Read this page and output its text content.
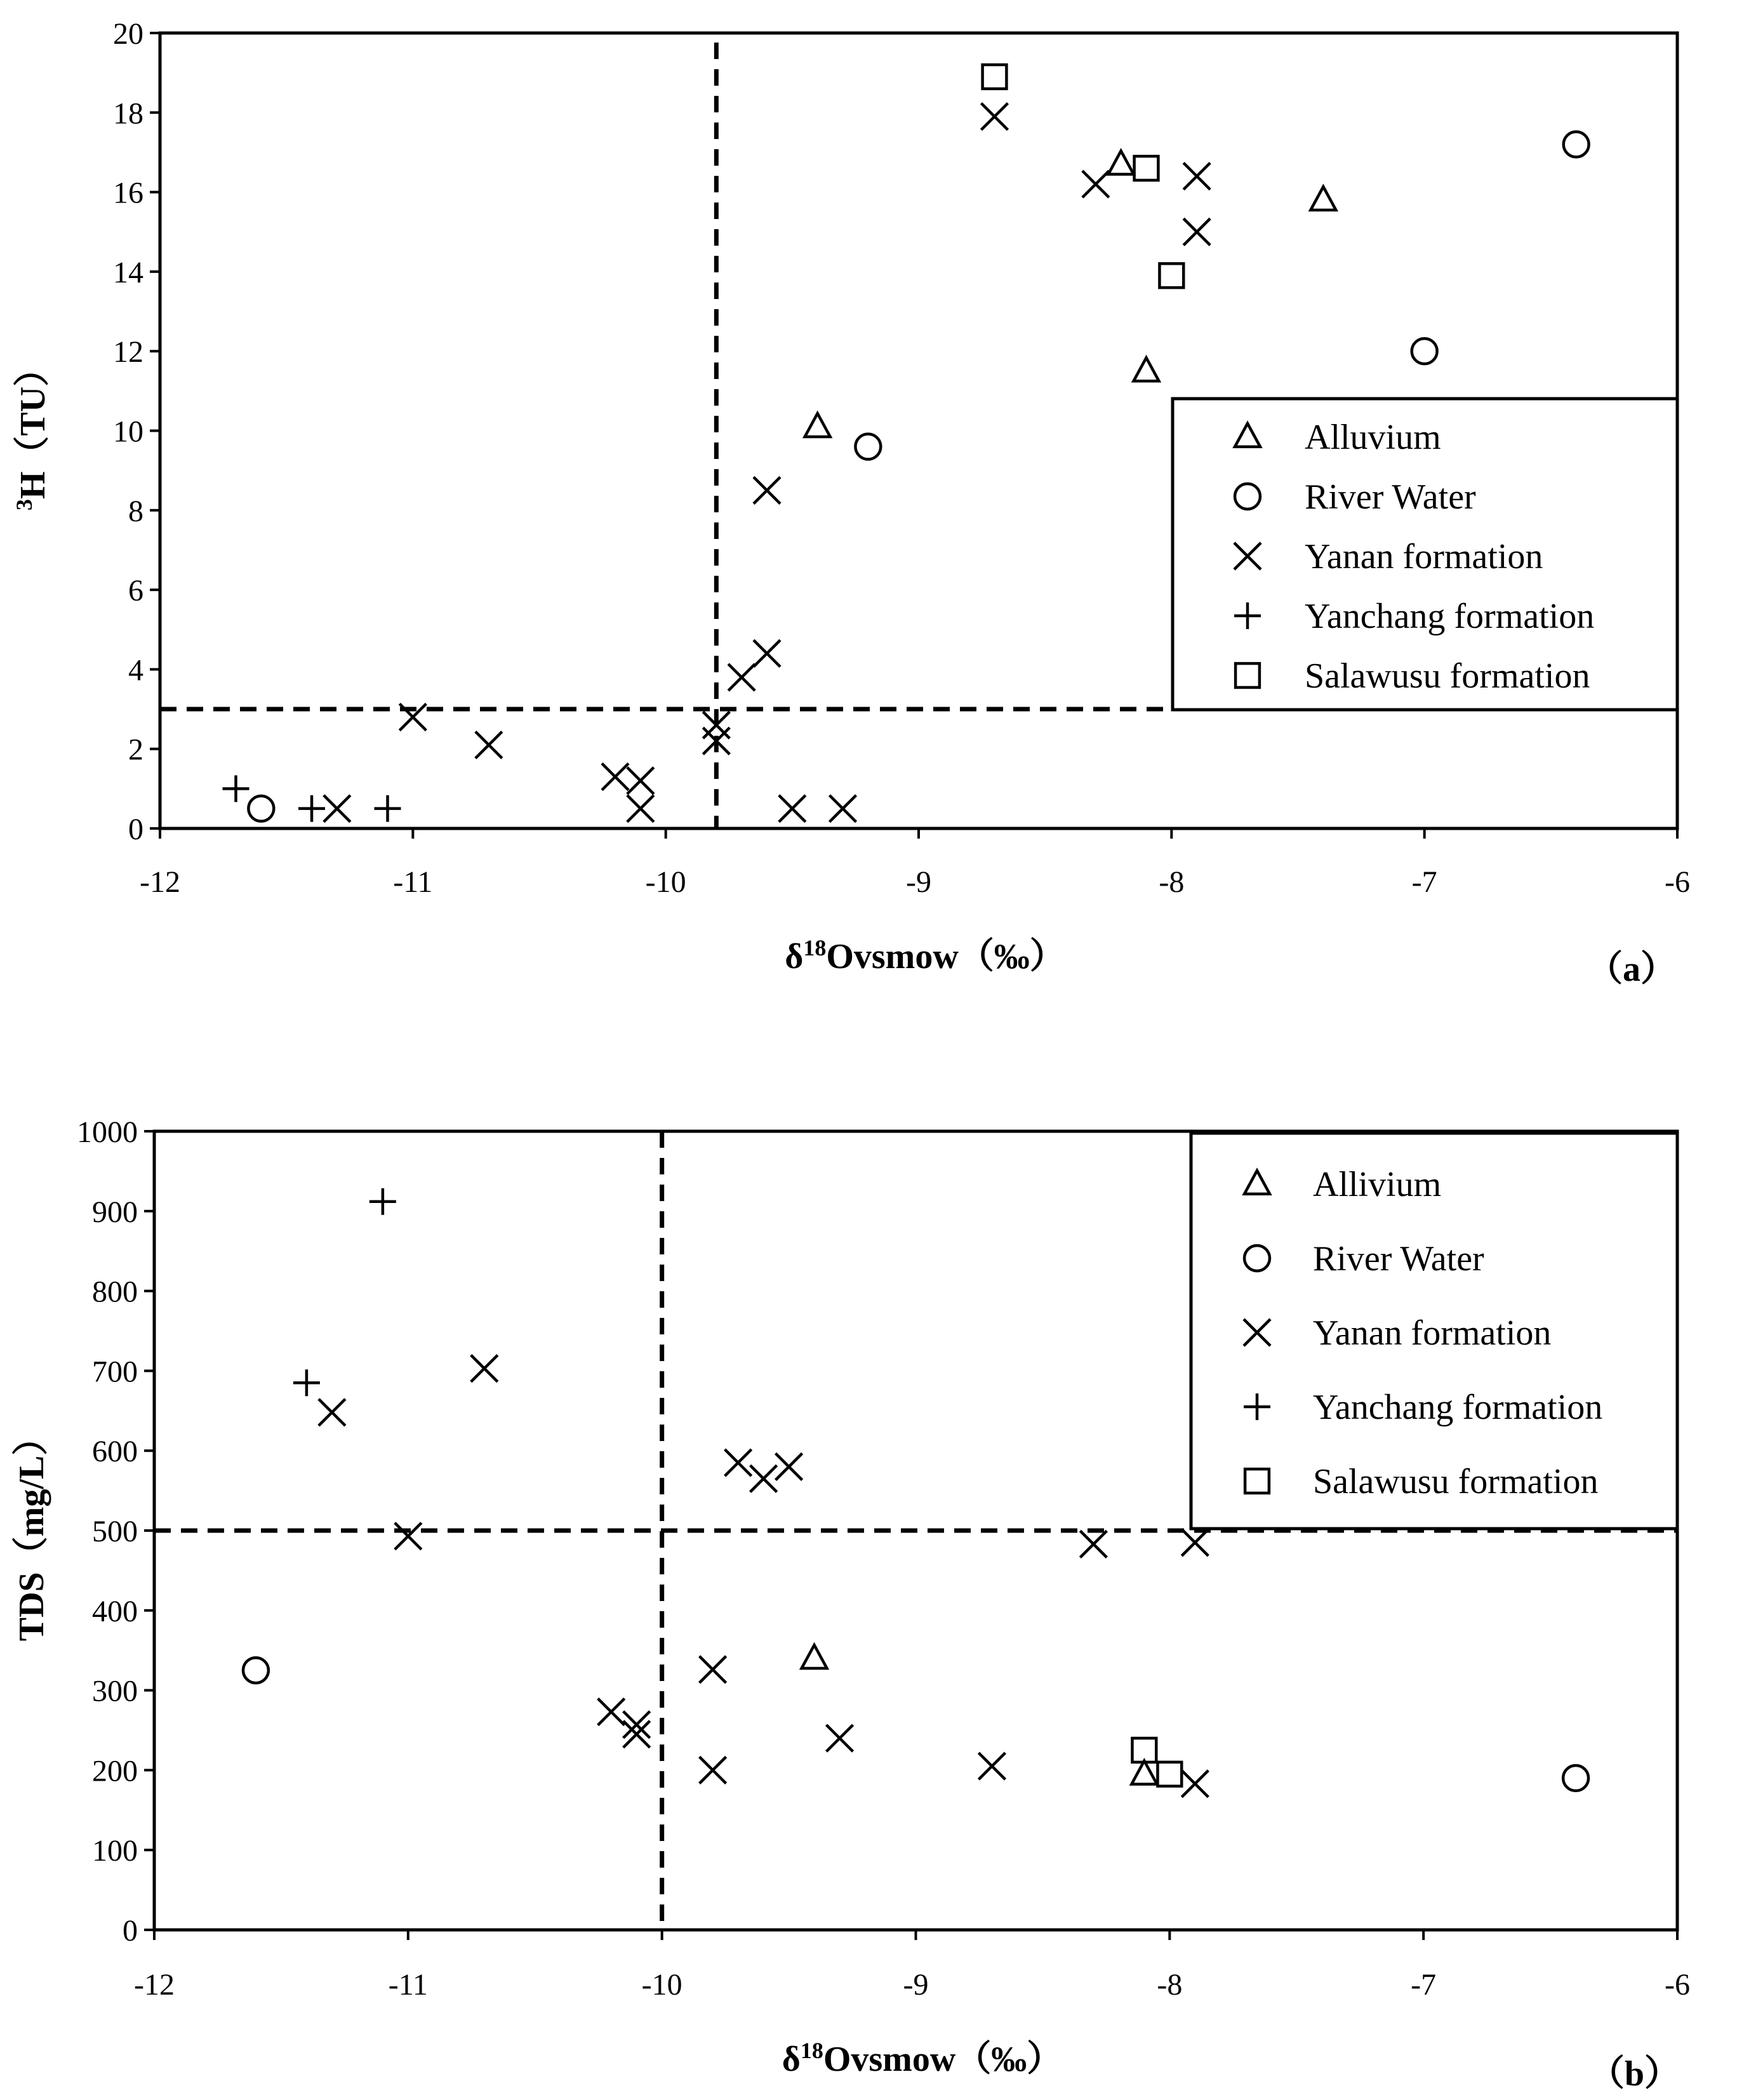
0
2
4
6
8
10
12
14
16
18
20
-12	-11	-10	-9	-8	-7	-6
Alluvium
River Water
Yanan formation
Yanchang formation
Salawusu formation
$\delta^{18}Ovsmow(‰)$
$^3$H（TU）
（a）
0
100
200
300
400
500
600
700
800
900
1000
-12	-11	-10	-9	-8	-7	-6
Allivium
River Water
Yanan formation
Yanchang formation
Salawusu formation
$\delta^{18}Ovsmow(‰)$
TDS（mg/L）
（b）
